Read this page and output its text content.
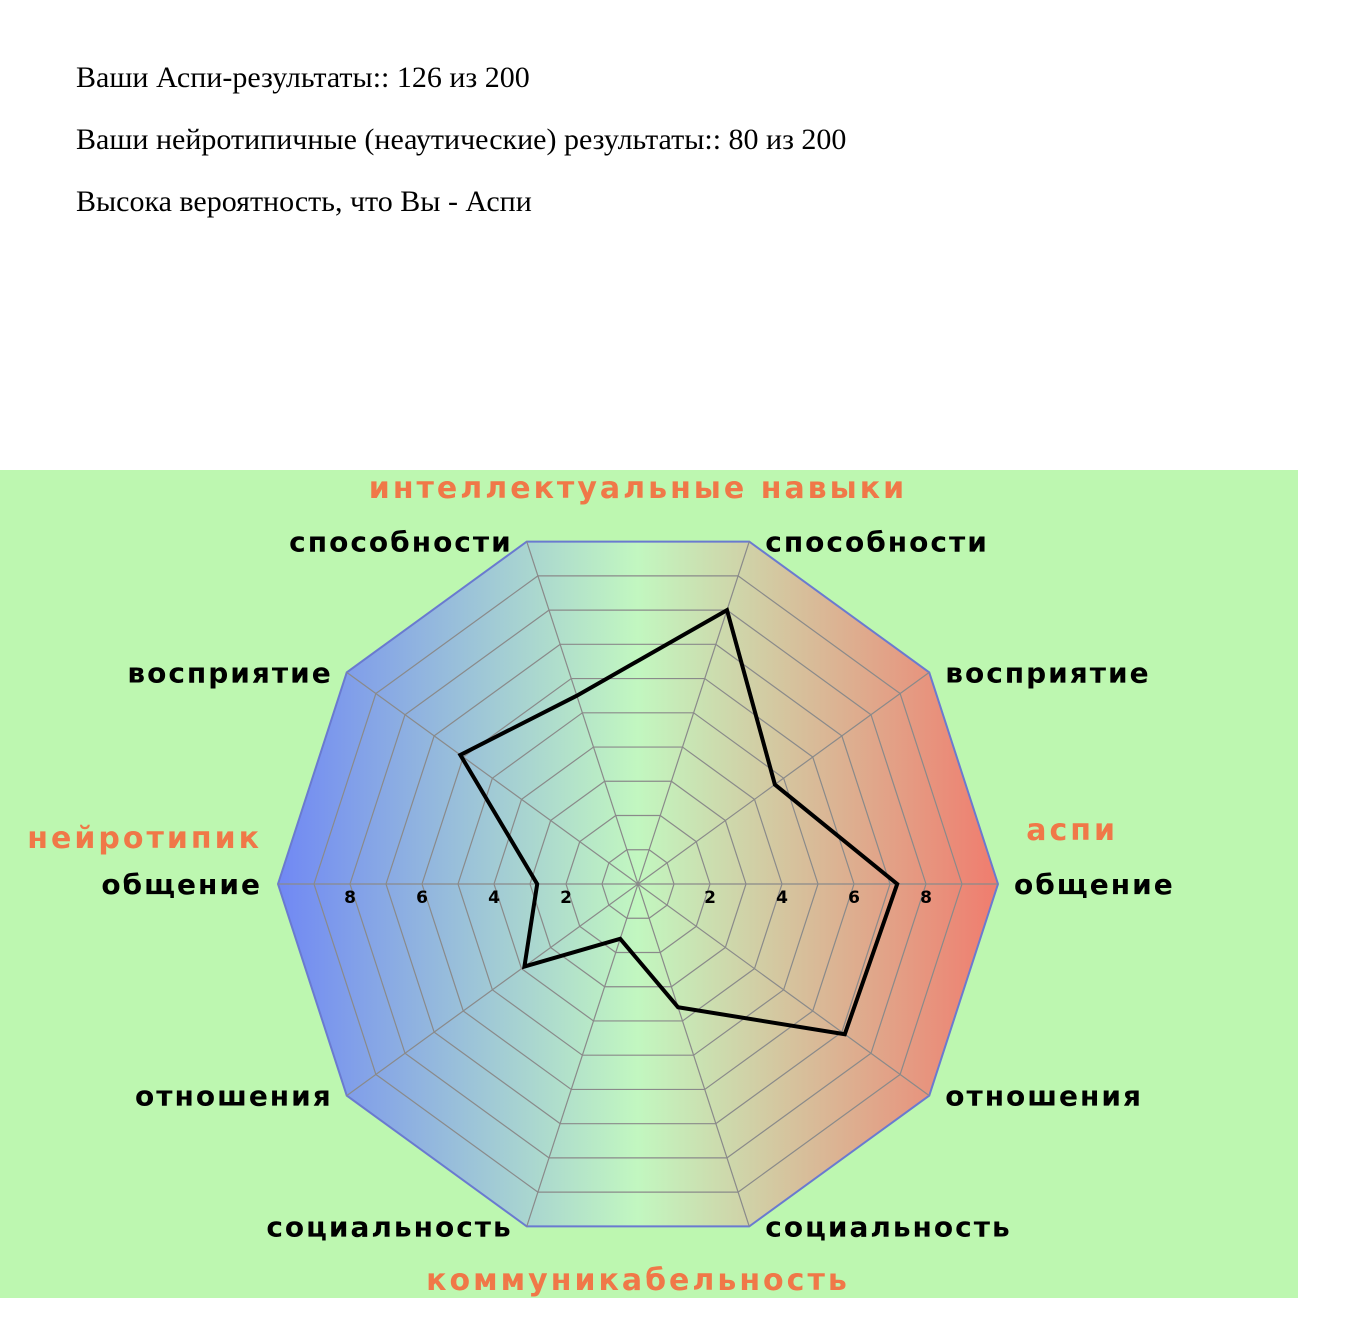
Ваши Аспи-результаты:: 126 из 200
Ваши нейротипичные (неаутические) результаты:: 80 из 200
Высока вероятность, что Вы - Аспи
8	6	4	2	2	4	6	8	общение
восприятие
способности
способности
восприятие
общение
отношения
социальность	социальность
отношения
интеллектуальные навыки
коммуникабельность
нейротипик	аспи
